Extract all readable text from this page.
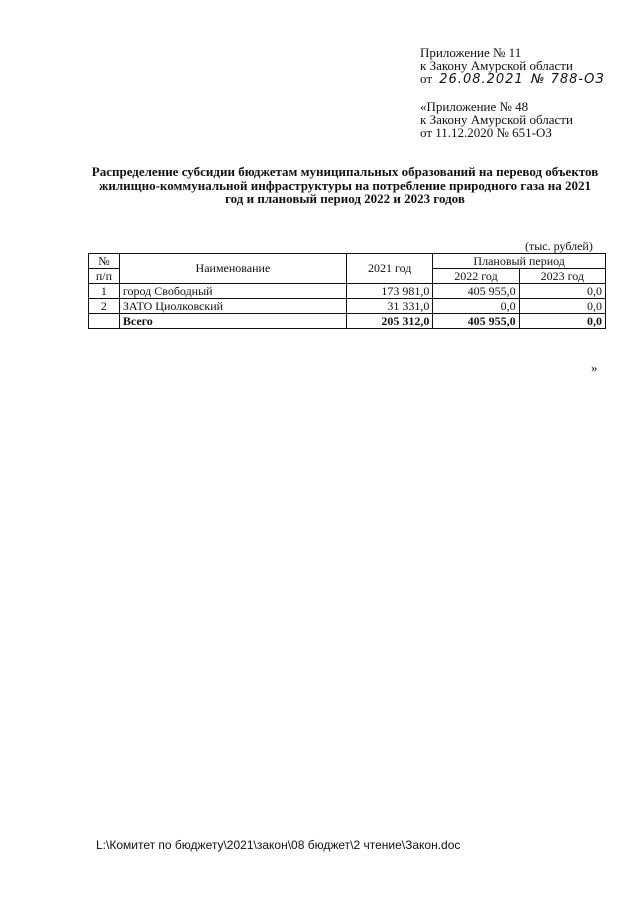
Приложение № 11
к Закону Амурской области
от 26.08.2021 № 788-ОЗ
«Приложение № 48
к Закону Амурской области
от 11.12.2020 № 651-ОЗ
Распределение субсидии бюджетам муниципальных образований на перевод объектов жилищно-коммунальной инфраструктуры на потребление природного газа на 2021 год и плановый период 2022 и 2023 годов
(тыс. рублей)
№	Наименование	2021 год	Плановый период	
п/п			2022 год	2023 год
1	город Свободный	173 981,0	405 955,0	0,0
2	ЗАТО Циолковский	31 331,0	0,0	0,0
	Всего	205 312,0	405 955,0	0,0
»
L:\Комитет по бюджету\2021\закон\08 бюджет\2 чтение\Закон.doc
